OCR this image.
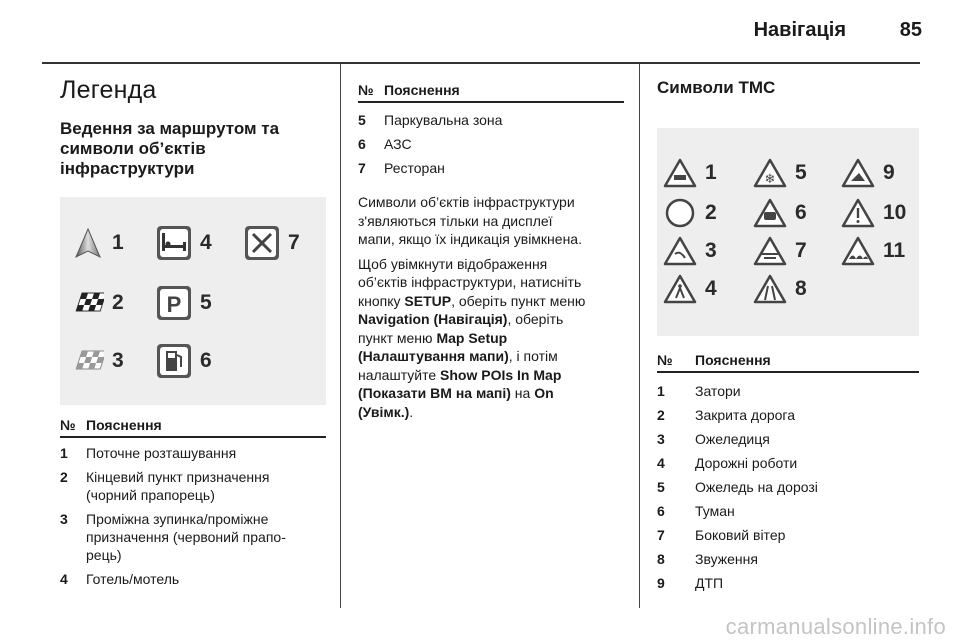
Навігація	85
Легенда
Ведення за маршрутом та символи об’єктів інфраструктури
1
2
3
4
P 5
6
7
№ Пояснення
1	Поточне розташування
2	Кінцевий пункт призначення
(чорний прапорець)
3	Проміжна зупинка/проміжне
призначення (червоний прапо-
рець)
4	Готель/мотель
№ Пояснення
5	Паркувальна зона
6	АЗС
7	Ресторан

Символи об’єктів інфраструктури
з'являються тільки на дисплеї
мапи, якщо їх індикація увімкнена.

Щоб увімкнути відображення
об’єктів інфраструктури, натисніть
кнопку SETUP, оберіть пункт меню
Navigation (Навігація), оберіть
пункт меню Map Setup
(Налаштування мапи), і потім
налаштуйте Show POIs In Map
(Показати ВМ на мапі) на On
(Увімк.).

Символи TMC
1
2
3
4
❄ 5
6
7
8
9
10
11
№	Пояснення
1	Затори
2	Закрита дорога
3	Ожеледиця
4	Дорожні роботи
5	Ожеледь на дорозі
6	Туман
7	Боковий вітер
8	Звуження
9	ДТП
carmanualsonline.info
